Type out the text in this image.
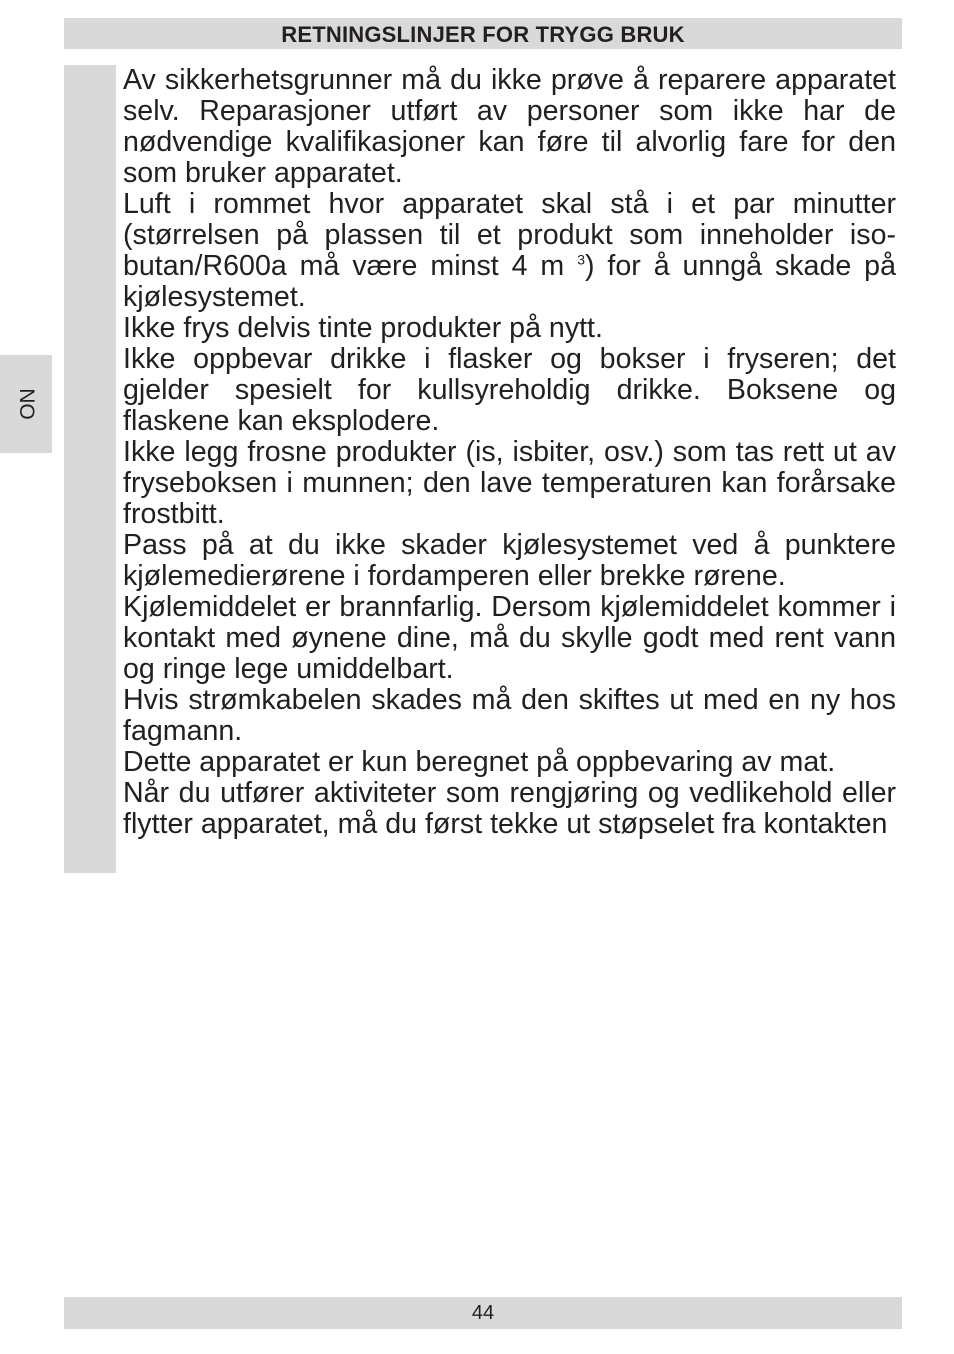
RETNINGSLINJER FOR TRYGG BRUK
NO

Av sikkerhetsgrunner må du ikke prøve å reparere apparatet selv. Reparasjoner utført av personer som ikke har de nødvendige kvalifikasjoner kan føre til alvorlig fare for den som bruker apparatet.

Luft i rommet hvor apparatet skal stå i et par minutter (størrelsen på plassen til et produkt som inneholder isobutan/R600a må være minst 4 m $^3$) for å unngå skade på kjølesystemet.

Ikke frys delvis tinte produkter på nytt.

Ikke oppbevar drikke i flasker og bokser i fryseren; det gjelder spesielt for kullsyreholdig drikke. Boksene og flaskene kan eksplodere.

Ikke legg frosne produkter (is, isbiter, osv.) som tas rett ut av fryseboksen i munnen; den lave temperaturen kan forårsake frostbitt.

Pass på at du ikke skader kjølesystemet ved å punktere kjølemedierørene i fordamperen eller brekke rørene.

Kjølemiddelet er brannfarlig. Dersom kjølemiddelet kommer i kontakt med øynene dine, må du skylle godt med rent vann og ringe lege umiddelbart.

Hvis strømkabelen skades må den skiftes ut med en ny hos fagmann.

Dette apparatet er kun beregnet på oppbevaring av mat.

Når du utfører aktiviteter som rengjøring og vedlikehold eller flytter apparatet, må du først tekke ut støpselet fra kontakten

44
